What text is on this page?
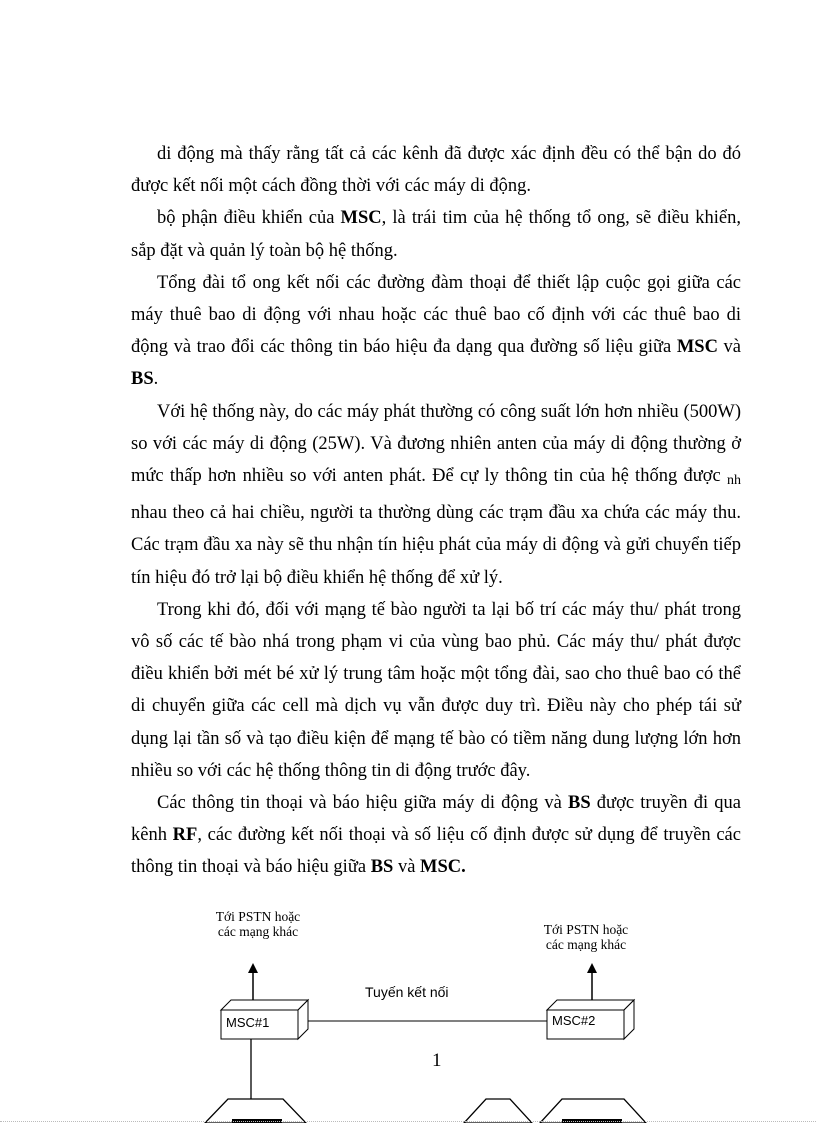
di động mà thấy rằng tất cả các kênh đã được xác định đều có thể bận do đó được kết nối một cách đồng thời với các máy di động.

bộ phận điều khiển của MSC, là trái tim của hệ thống tổ ong, sẽ điều khiển, sắp đặt và quản lý toàn bộ hệ thống.

Tổng đài tổ ong kết nối các đường đàm thoại để thiết lập cuộc gọi giữa các máy thuê bao di động với nhau hoặc các thuê bao cố định với các thuê bao di động và trao đổi các thông tin báo hiệu đa dạng qua đường số liệu giữa MSC và BS.

Với hệ thống này, do các máy phát thường có công suất lớn hơn nhiều (500W) so với các máy di động (25W). Và đương nhiên anten của máy di động thường ở mức thấp hơn nhiều so với anten phát. Để cự ly thông tin của hệ thống được nh nhau theo cả hai chiều, người ta thường dùng các trạm đầu xa chứa các máy thu. Các trạm đầu xa này sẽ thu nhận tín hiệu phát của máy di động và gửi chuyển tiếp tín hiệu đó trở lại bộ điều khiển hệ thống để xử lý.

Trong khi đó, đối với mạng tế bào người ta lại bố trí các máy thu/ phát trong vô số các tế bào nhá trong phạm vi của vùng bao phủ. Các máy thu/ phát được điều khiển bởi mét bé xử lý trung tâm hoặc một tổng đài, sao cho thuê bao có thể di chuyển giữa các cell mà dịch vụ vẫn được duy trì. Điều này cho phép tái sử dụng lại tần số và tạo điều kiện để mạng tế bào có tiềm năng dung lượng lớn hơn nhiều so với các hệ thống thông tin di động trước đây.

Các thông tin thoại và báo hiệu giữa máy di động và BS được truyền đi qua kênh RF, các đường kết nối thoại và số liệu cố định được sử dụng để truyền các thông tin thoại và báo hiệu giữa BS và MSC.

Tới PSTN hoặc
các mạng khác	Tới PSTN hoặc
các mạng khác
Tuyến kết nối
MSC#1	MSC#2
1
